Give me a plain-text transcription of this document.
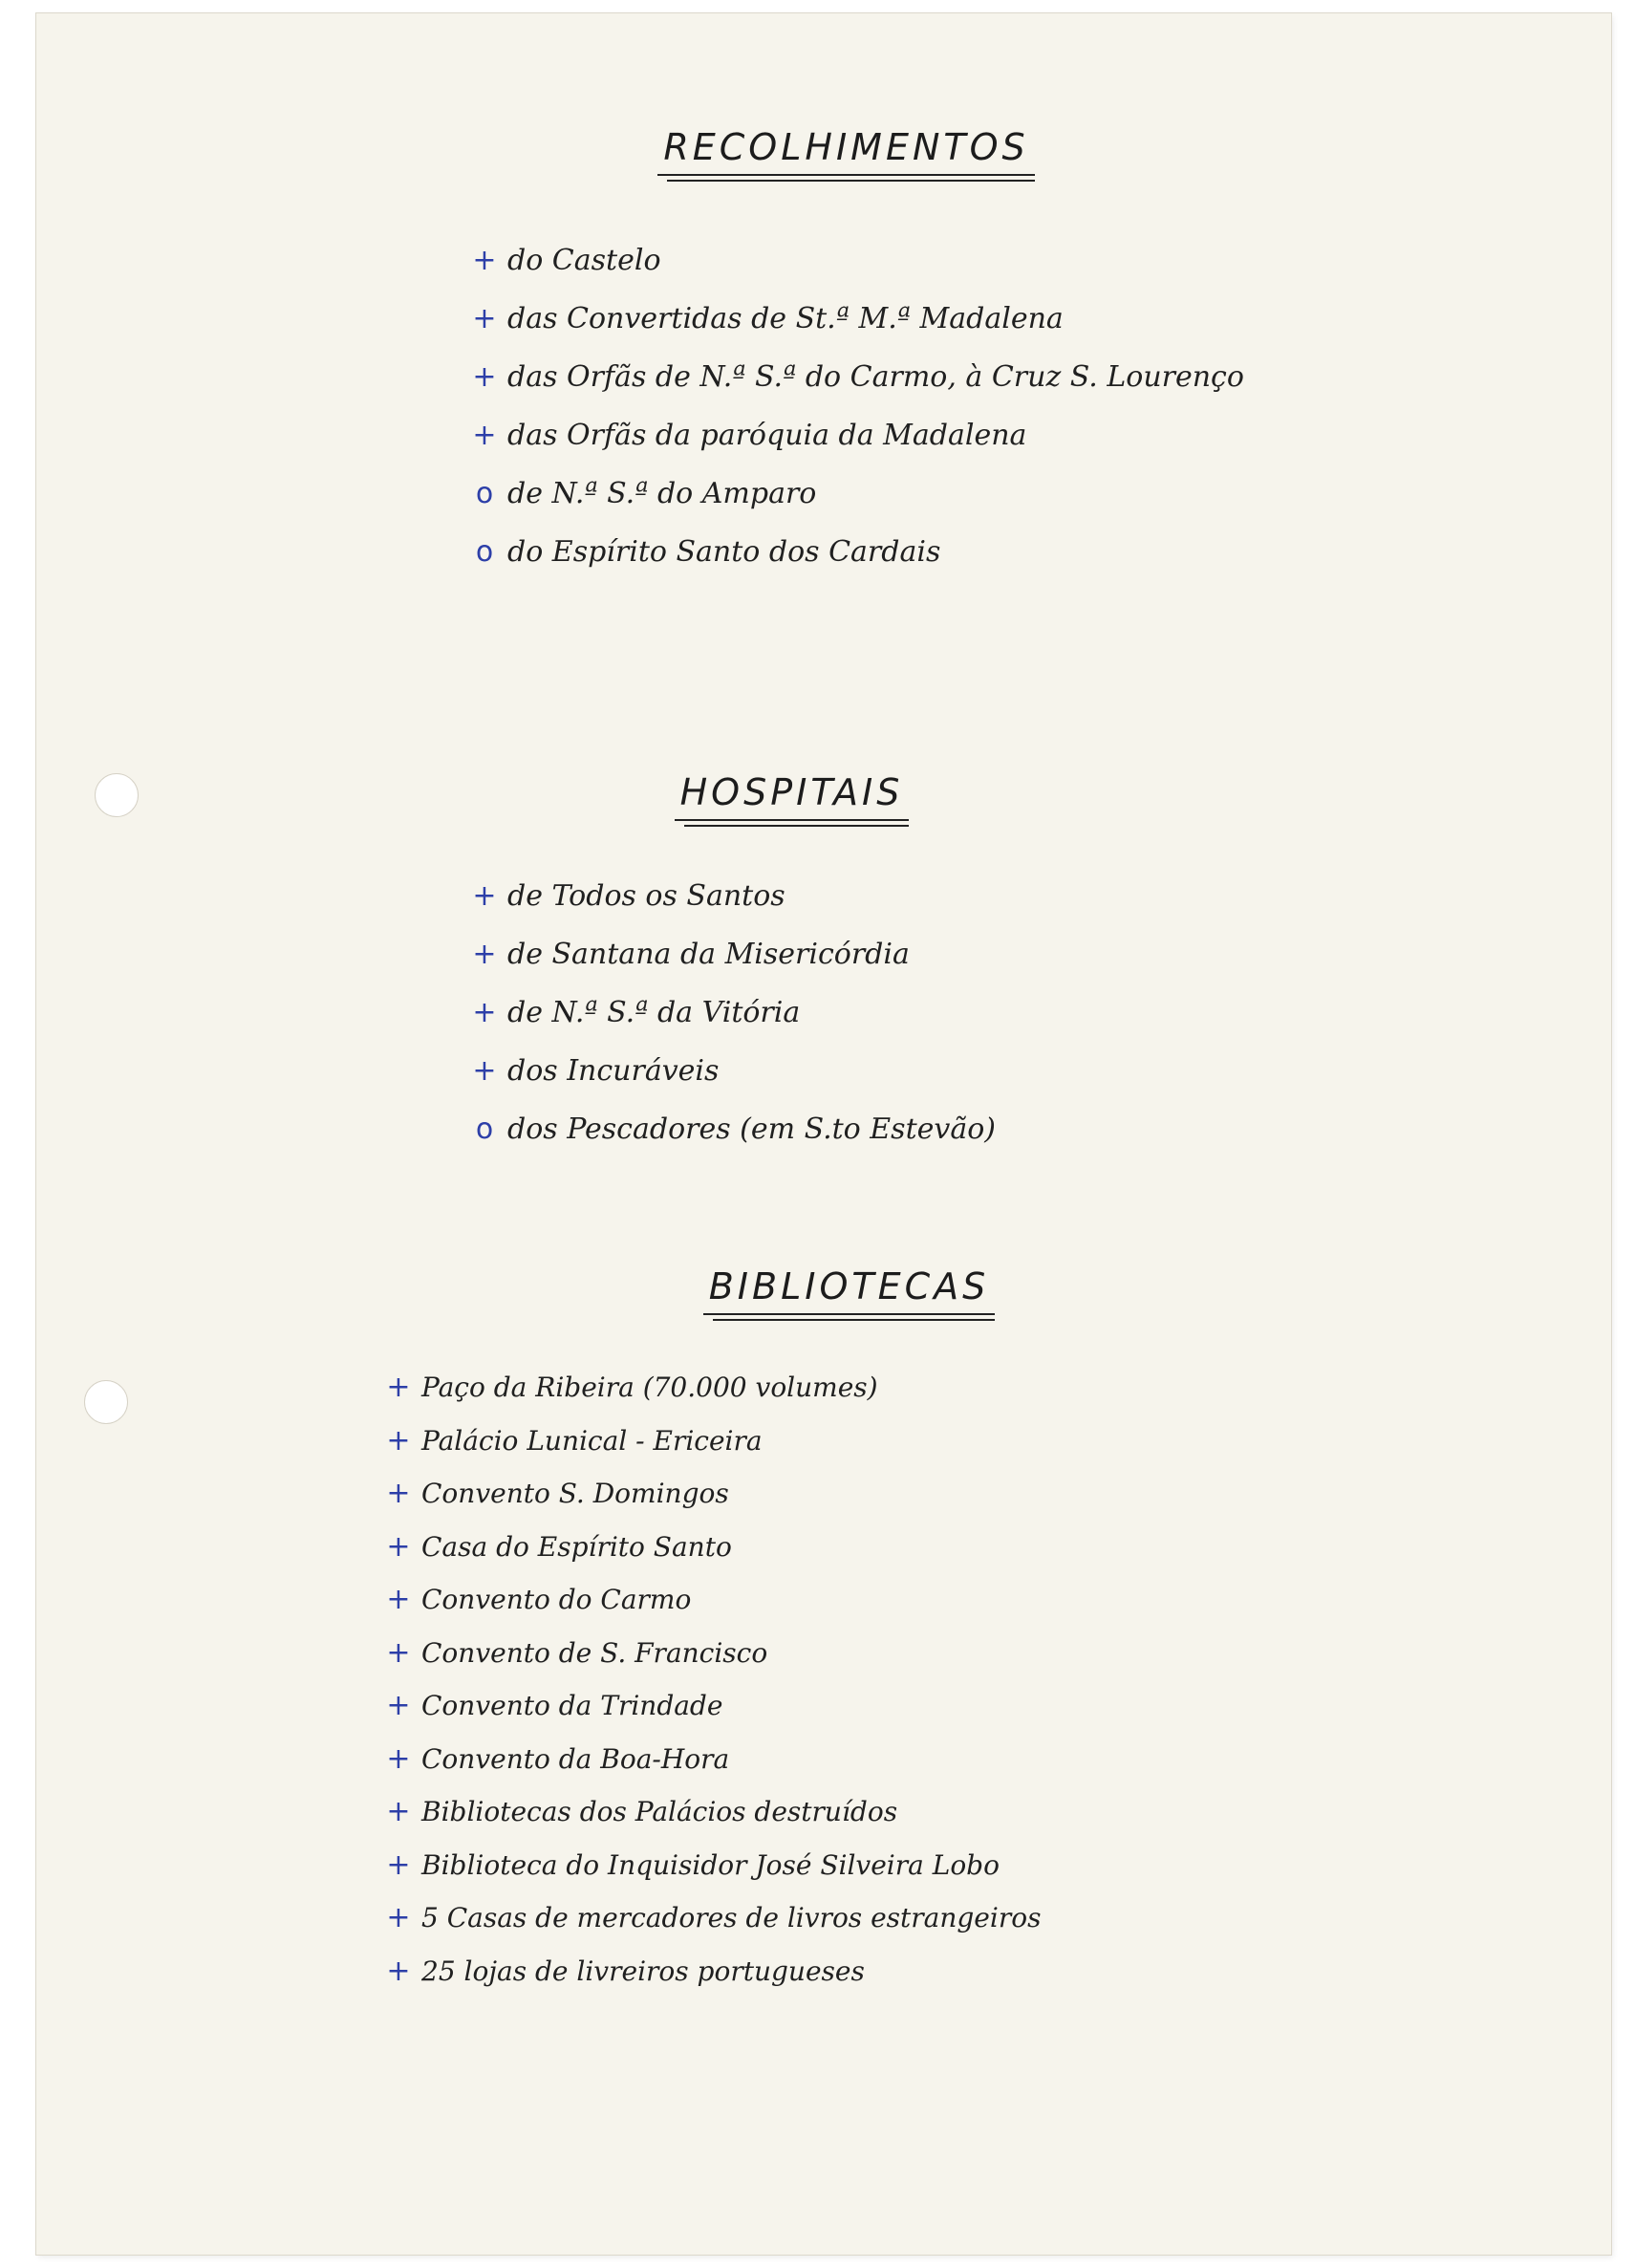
RECOLHIMENTOS
+ do Castelo
+ das Convertidas de St.ª M.ª Madalena
+ das Orfãs de N.ª S.ª do Carmo, à Cruz S. Lourenço
+ das Orfãs da paróquia da Madalena
o de N.ª S.ª do Amparo
o do Espírito Santo dos Cardais
HOSPITAIS
+ de Todos os Santos
+ de Santana da Misericórdia
+ de N.ª S.ª da Vitória
+ dos Incuráveis
o dos Pescadores (em S.to Estevão)
BIBLIOTECAS
+ Paço da Ribeira (70.000 volumes)
+ Palácio Lunical - Ericeira
+ Convento S. Domingos
+ Casa do Espírito Santo
+ Convento do Carmo
+ Convento de S. Francisco
+ Convento da Trindade
+ Convento da Boa-Hora
+ Bibliotecas dos Palácios destruídos
+ Biblioteca do Inquisidor José Silveira Lobo
+ 5 Casas de mercadores de livros estrangeiros
+ 25 lojas de livreiros portugueses
